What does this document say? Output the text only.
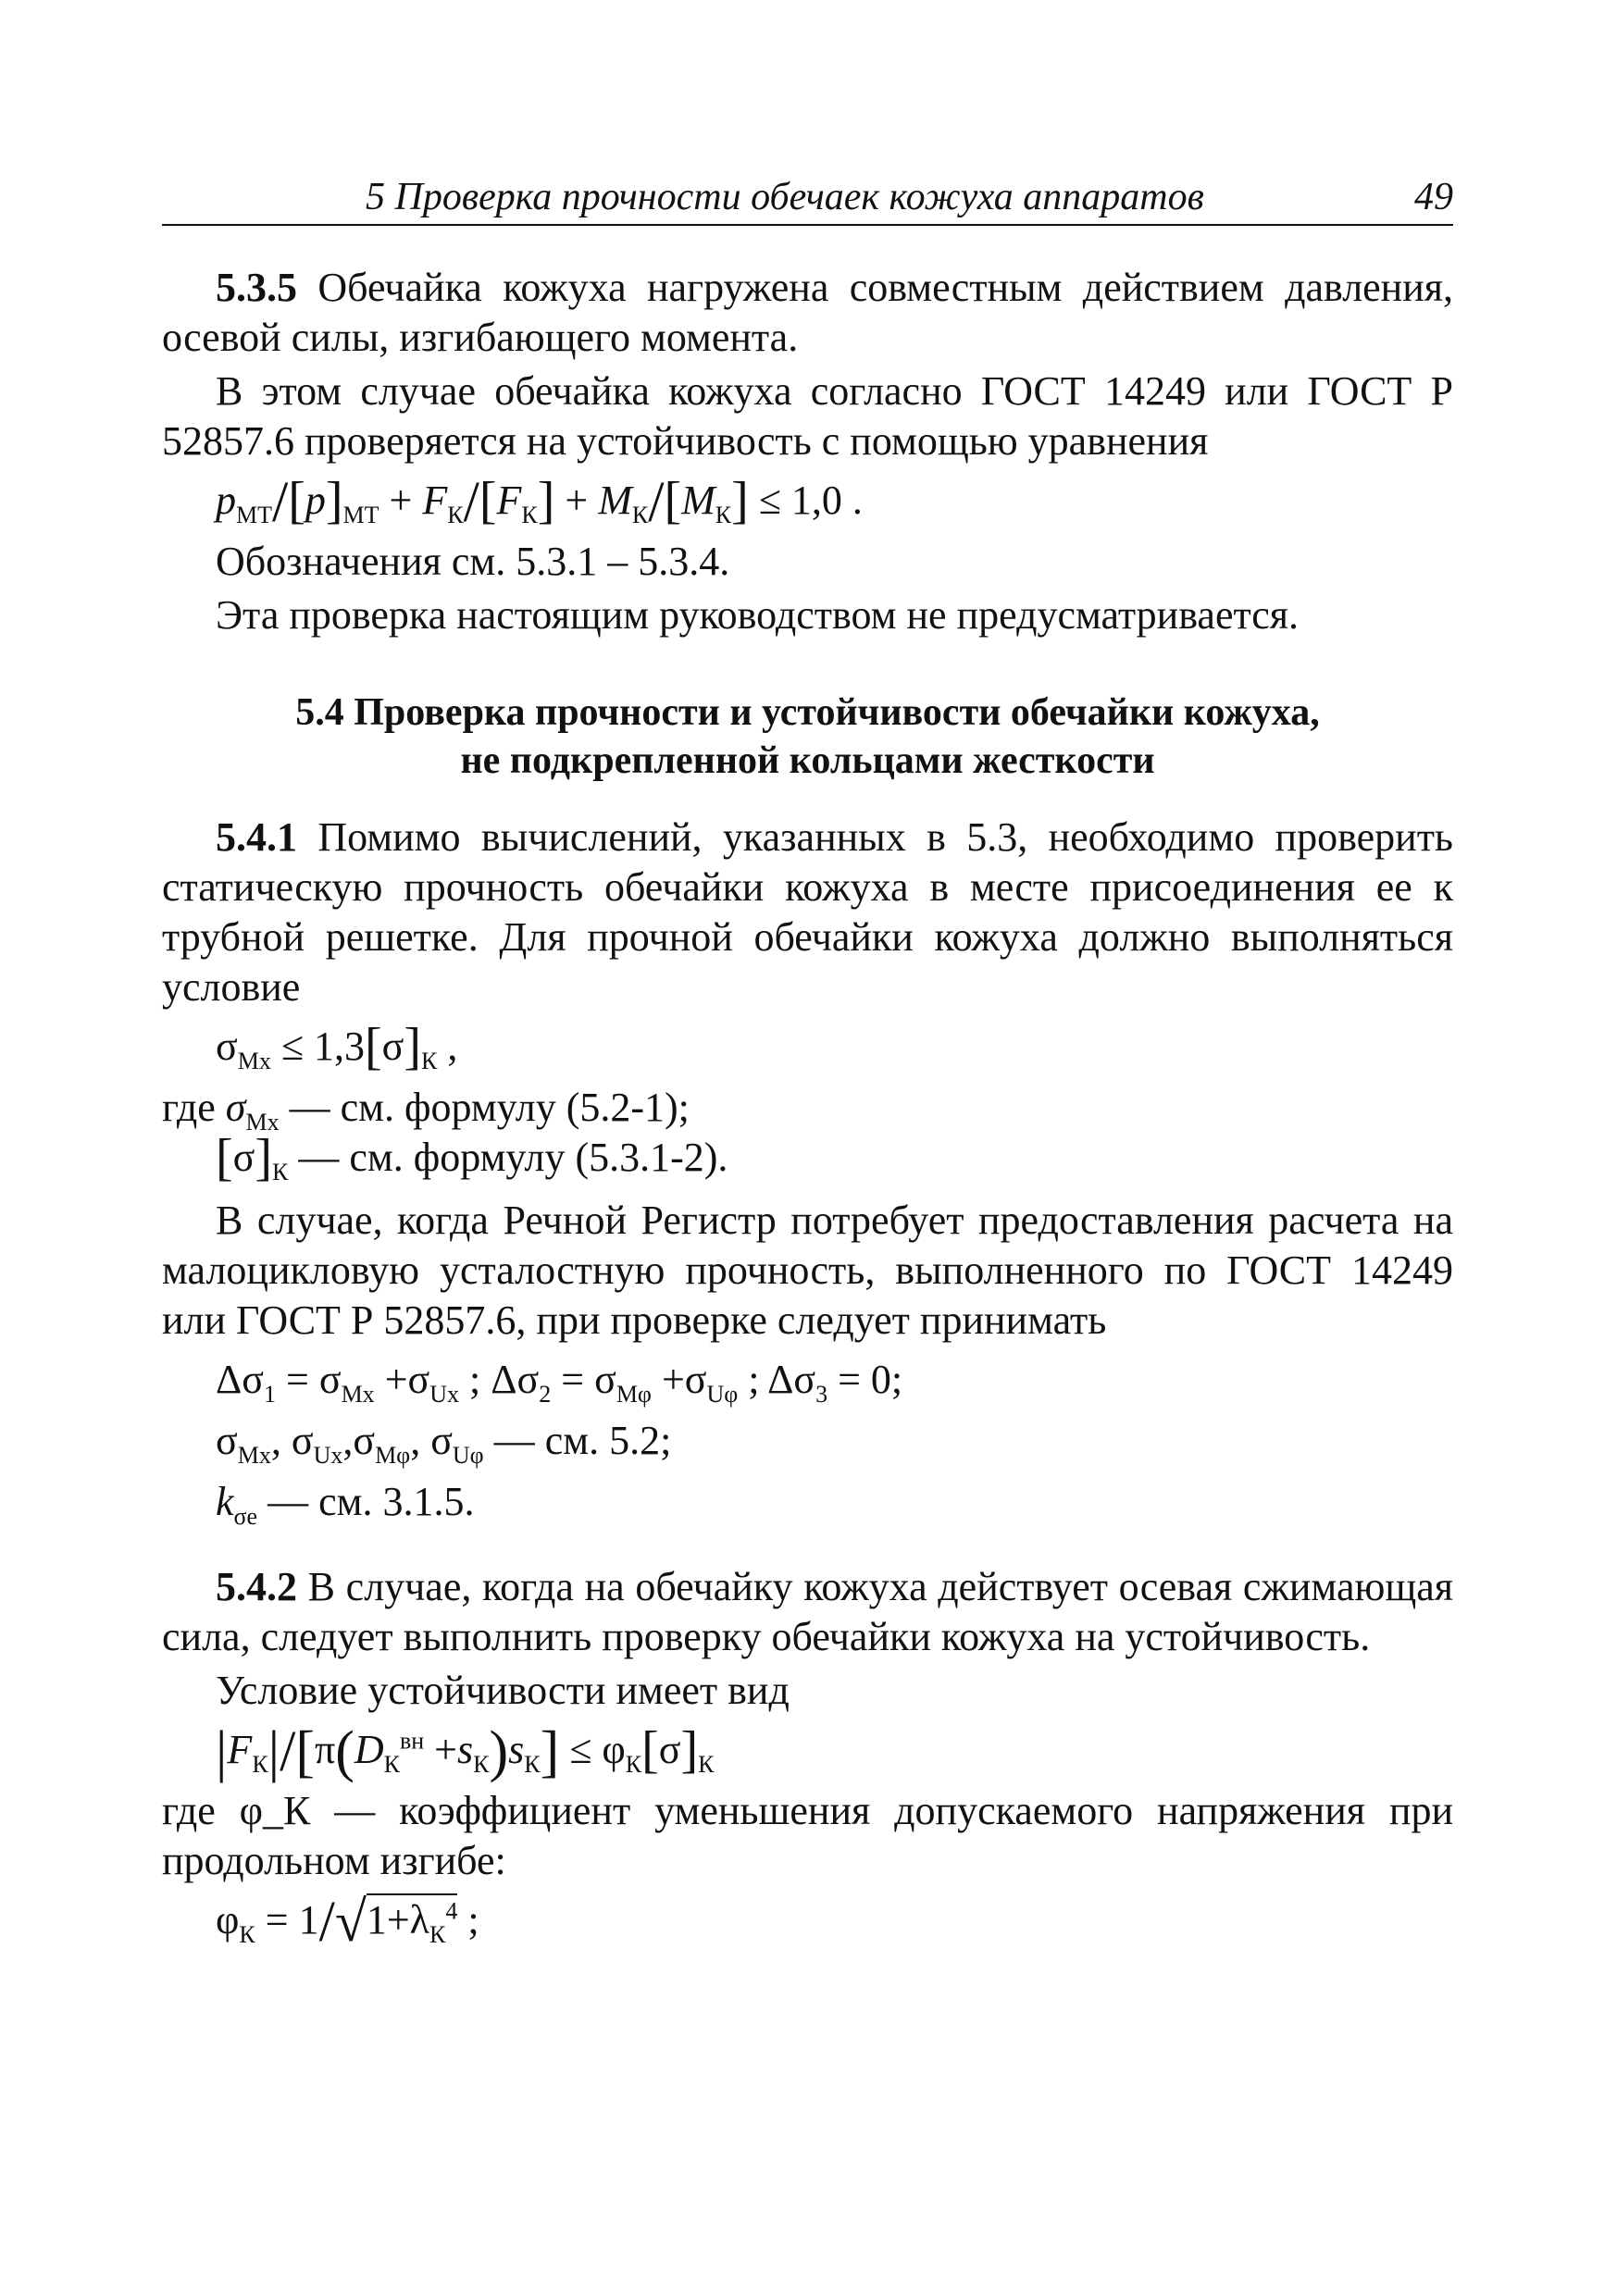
5 Проверка прочности обечаек кожуха аппаратов	49

5.3.5 Обечайка кожуха нагружена совместным действием давления, осевой силы, изгибающего момента.

В этом случае обечайка кожуха согласно ГОСТ 14249 или ГОСТ Р 52857.6 проверяется на устойчивость с помощью уравнения

$p_{МТ}/[p]_{МТ} + F_К/[F_К] + M_К/[M_К] \le 1,0$ .

Обозначения см. 5.3.1 – 5.3.4.

Эта проверка настоящим руководством не предусматривается.

5.4 Проверка прочности и устойчивости обечайки кожуха,
не подкрепленной кольцами жесткости

5.4.1 Помимо вычислений, указанных в 5.3, необходимо проверить статическую прочность обечайки кожуха в месте присоединения ее к трубной решетке. Для прочной обечайки кожуха должно выполняться условие

$\sigma_{Mx} \le 1,3[\sigma]_К$ ,

где $\sigma_{Mx}$ — см. формулу (5.2-1);

$[\sigma]_К$ — см. формулу (5.3.1-2).

В случае, когда Речной Регистр потребует предоставления расчета на малоцикловую усталостную прочность, выполненного по ГОСТ 14249 или ГОСТ Р 52857.6, при проверке следует принимать

$\Delta\sigma_1 = \sigma_{Mx} +\sigma_{Ux}$ ; $\Delta\sigma_2 = \sigma_{M\varphi} +\sigma_{U\varphi}$ ; $\Delta\sigma_3 = 0$;
$\sigma_{Mx}$, $\sigma_{Ux},\sigma_{M\varphi}$, $\sigma_{U\varphi}$ — см. 5.2;
$k_{\sigma e}$ — см. 3.1.5.

5.4.2 В случае, когда на обечайку кожуха действует осевая сжимающая сила, следует выполнить проверку обечайки кожуха на устойчивость.

Условие устойчивости имеет вид

$|F_К|/[\pi(D_К^{вн} +s_К)s_К] \le \varphi_К[\sigma]_К$

где φ_К — коэффициент уменьшения допускаемого напряжения при продольном изгибе:

$\varphi_К = 1/√1+\lambda_К^4$ ;
